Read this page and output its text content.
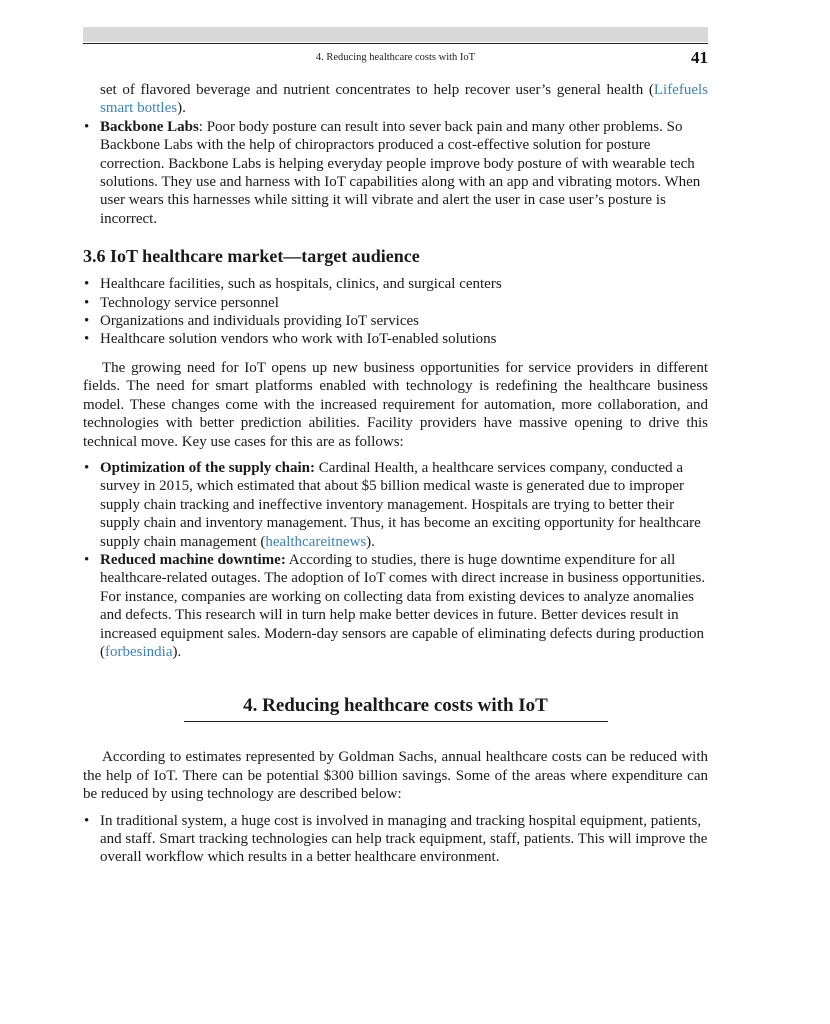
4. Reducing healthcare costs with IoT	41

set of flavored beverage and nutrient concentrates to help recover user’s general health (Lifefuels smart bottles).

• Backbone Labs: Poor body posture can result into sever back pain and many other problems. So Backbone Labs with the help of chiropractors produced a cost-effective solution for posture correction. Backbone Labs is helping everyday people improve body posture of with wearable tech solutions. They use and harness with IoT capabilities along with an app and vibrating motors. When user wears this harnesses while sitting it will vibrate and alert the user in case user’s posture is incorrect.
3.6 IoT healthcare market—target audience
• Healthcare facilities, such as hospitals, clinics, and surgical centers
• Technology service personnel
• Organizations and individuals providing IoT services
• Healthcare solution vendors who work with IoT-enabled solutions

The growing need for IoT opens up new business opportunities for service providers in different fields. The need for smart platforms enabled with technology is redefining the healthcare business model. These changes come with the increased requirement for automation, more collaboration, and technologies with better prediction abilities. Facility providers have massive opening to drive this technical move. Key use cases for this are as follows:

• Optimization of the supply chain: Cardinal Health, a healthcare services company, conducted a survey in 2015, which estimated that about $5 billion medical waste is generated due to improper supply chain tracking and ineffective inventory management. Hospitals are trying to better their supply chain and inventory management. Thus, it has become an exciting opportunity for healthcare supply chain management (healthcareitnews).
• Reduced machine downtime: According to studies, there is huge downtime expenditure for all healthcare-related outages. The adoption of IoT comes with direct increase in business opportunities. For instance, companies are working on collecting data from existing devices to analyze anomalies and defects. This research will in turn help make better devices in future. Better devices result in increased equipment sales. Modern-day sensors are capable of eliminating defects during production (forbesindia).
4. Reducing healthcare costs with IoT

According to estimates represented by Goldman Sachs, annual healthcare costs can be reduced with the help of IoT. There can be potential $300 billion savings. Some of the areas where expenditure can be reduced by using technology are described below:

• In traditional system, a huge cost is involved in managing and tracking hospital equipment, patients, and staff. Smart tracking technologies can help track equipment, staff, patients. This will improve the overall workflow which results in a better healthcare environment.
